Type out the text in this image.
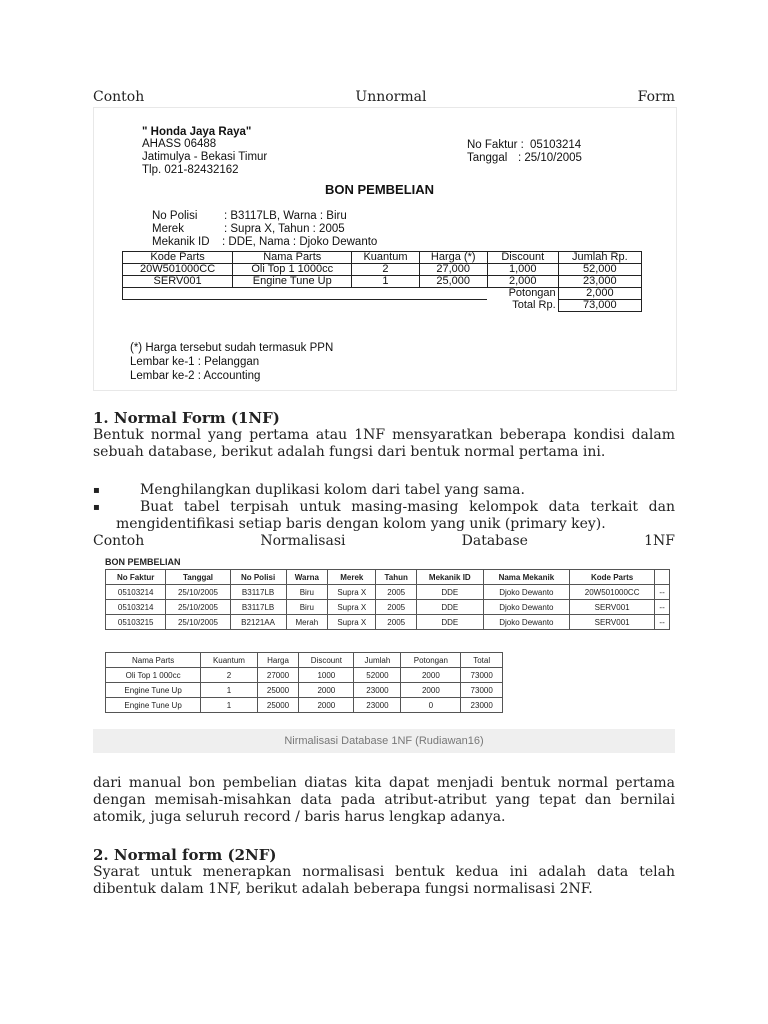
Contoh	Unnormal	Form
" Honda Jaya Raya"
AHASS 06488
Jatimulya - Bekasi Timur
Tlp. 021-82432162
No Faktur : 05103214
Tanggal : 25/10/2005
BON PEMBELIAN
No Polisi : B3117LB, Warna : Biru
Merek	: Supra X, Tahun : 2005
Mekanik ID : DDE, Nama : Djoko Dewanto
Kode Parts	Nama Parts	Kuantum	Harga (*)	Discount	Jumlah Rp.
20W501000CC	Oli Top 1 1000cc	2	27,000	1,000	52,000
SERV001	Engine Tune Up	1	25,000	2,000	23,000
				Potongan	2,000
				Total Rp.	73,000
(*) Harga tersebut sudah termasuk PPN
Lembar ke-1 : Pelanggan
Lembar ke-2 : Accounting
1. Normal Form (1NF)
Bentuk normal yang pertama atau 1NF mensyaratkan beberapa kondisi dalam sebuah database, berikut adalah fungsi dari bentuk normal pertama ini.
▪	Menghilangkan duplikasi kolom dari tabel yang sama.
▪	Buat tabel terpisah untuk masing-masing kelompok data terkait dan mengidentifikasi setiap baris dengan kolom yang unik (primary key).
Contoh	Normalisasi	Database	1NF
BON PEMBELIAN
No Faktur	Tanggal	No Polisi	Warna	Merek	Tahun	Mekanik ID	Nama Mekanik	Kode Parts	
05103214	25/10/2005	B3117LB	Biru	Supra X	2005	DDE	Djoko Dewanto	20W501000CC	--
05103214	25/10/2005	B3117LB	Biru	Supra X	2005	DDE	Djoko Dewanto	SERV001	--
05103215	25/10/2005	B2121AA	Merah	Supra X	2005	DDE	Djoko Dewanto	SERV001	--
Nama Parts	Kuantum	Harga	Discount	Jumlah	Potongan	Total
Oli Top 1 000cc	2	27000	1000	52000	2000	73000
Engine Tune Up	1	25000	2000	23000	2000	73000
Engine Tune Up	1	25000	2000	23000	0	23000
Nirmalisasi Database 1NF (Rudiawan16)
dari manual bon pembelian diatas kita dapat menjadi bentuk normal pertama dengan memisah-misahkan data pada atribut-atribut yang tepat dan bernilai atomik, juga seluruh record / baris harus lengkap adanya.
2. Normal form (2NF)
Syarat untuk menerapkan normalisasi bentuk kedua ini adalah data telah dibentuk dalam 1NF, berikut adalah beberapa fungsi normalisasi 2NF.
